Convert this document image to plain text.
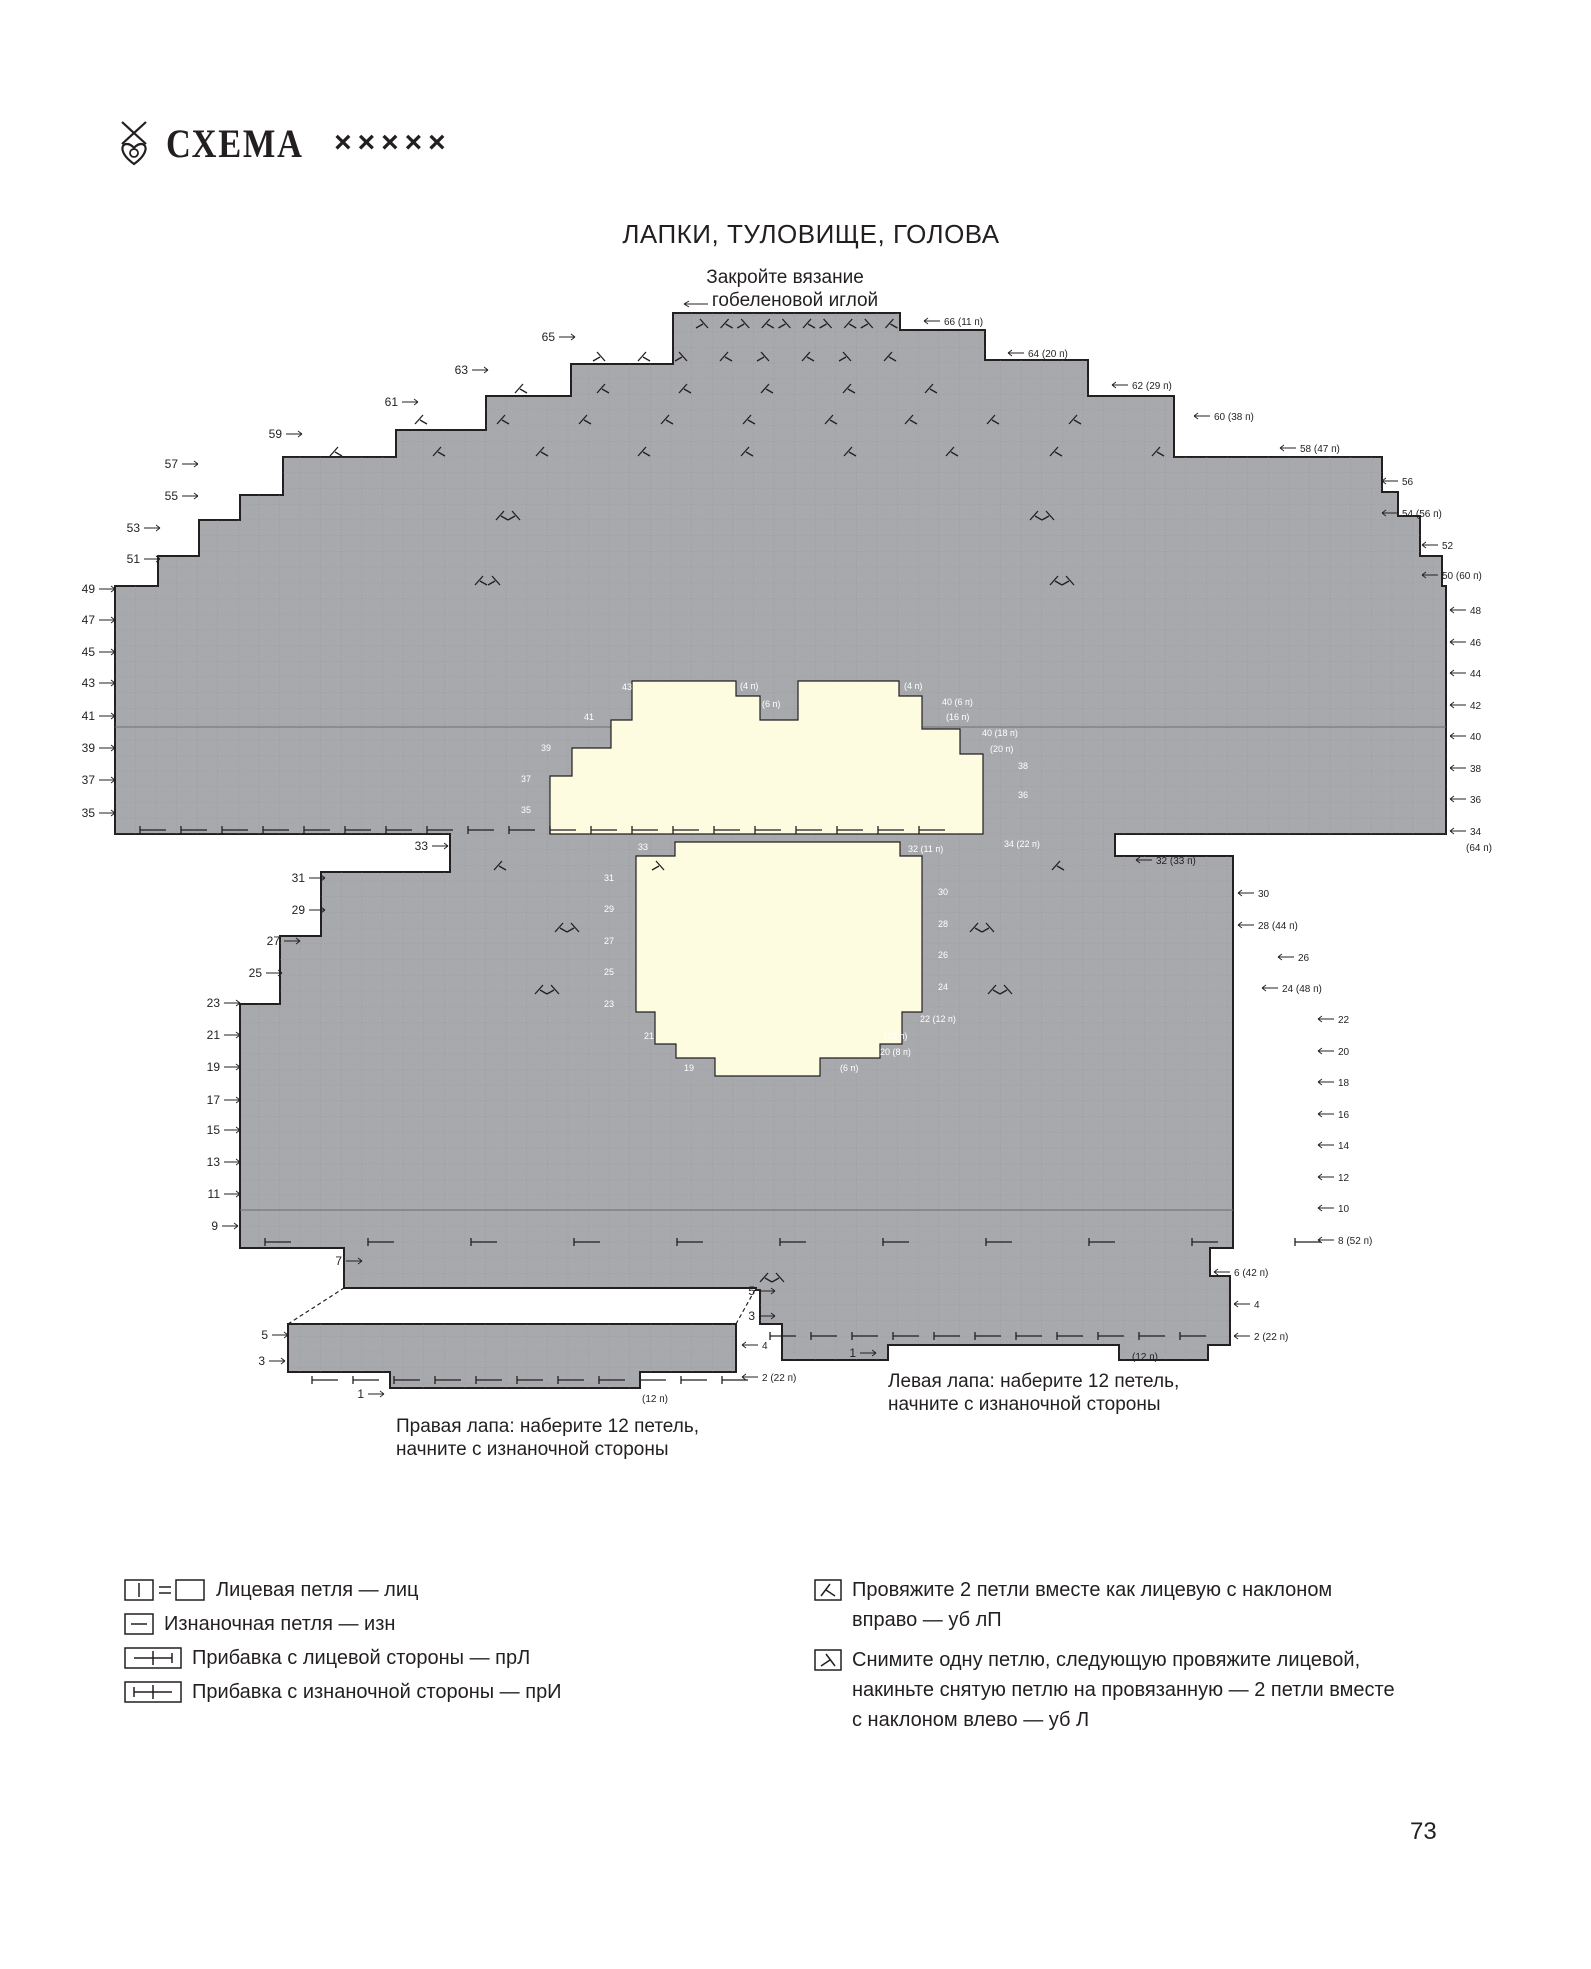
СХЕМА ×××××
ЛАПКИ, ТУЛОВИЩЕ, ГОЛОВА
Закройте вязание
гобеленовой иглой
65
63
61
59
57
55
53
51
49
47
45
43
41
39
37
35
66 (11 п)
64 (20 п)
62 (29 п)
60 (38 п)
58 (47 п)
56
54 (56 п)
52
50 (60 п)
48
46
44
42
40
38
36
34
(64 п)
33
31
29
27
25
23
21
19
17
15
13
11
9
7
32 (33 п)
30
28 (44 п)
26
24 (48 п)
22
20
18
16
14
12
10
8 (52 п)
6 (42 п)
4
2 (22 п)
(12 п)
5
3
1
5
3
1
4
2 (22 п)
(12 п)
43
41
39
37
35
(4 п)
(6 п)	40 (6 п)
(16 п)
40 (18 п)
(20 п)
38
36
34 (22 п)
(4 п)
33
31
29
27
25
23
21
19
32 (11 п)
30
28
26
24
22 (12 п)
(10 п)
20 (8 п)
(6 п)
Правая лапа: наберите 12 петель,
начните с изнаночной стороны
Левая лапа: наберите 12 петель,
начните с изнаночной стороны
Лицевая петля — лиц
Изнаночная петля — изн
Прибавка с лицевой стороны — прЛ
Прибавка с изнаночной стороны — прИ
Провяжите 2 петли вместе как лицевую с наклоном
вправо — уб лП
Снимите одну петлю, следующую провяжите лицевой,
накиньте снятую петлю на провязанную — 2 петли вместе
с наклоном влево — уб Л
73
